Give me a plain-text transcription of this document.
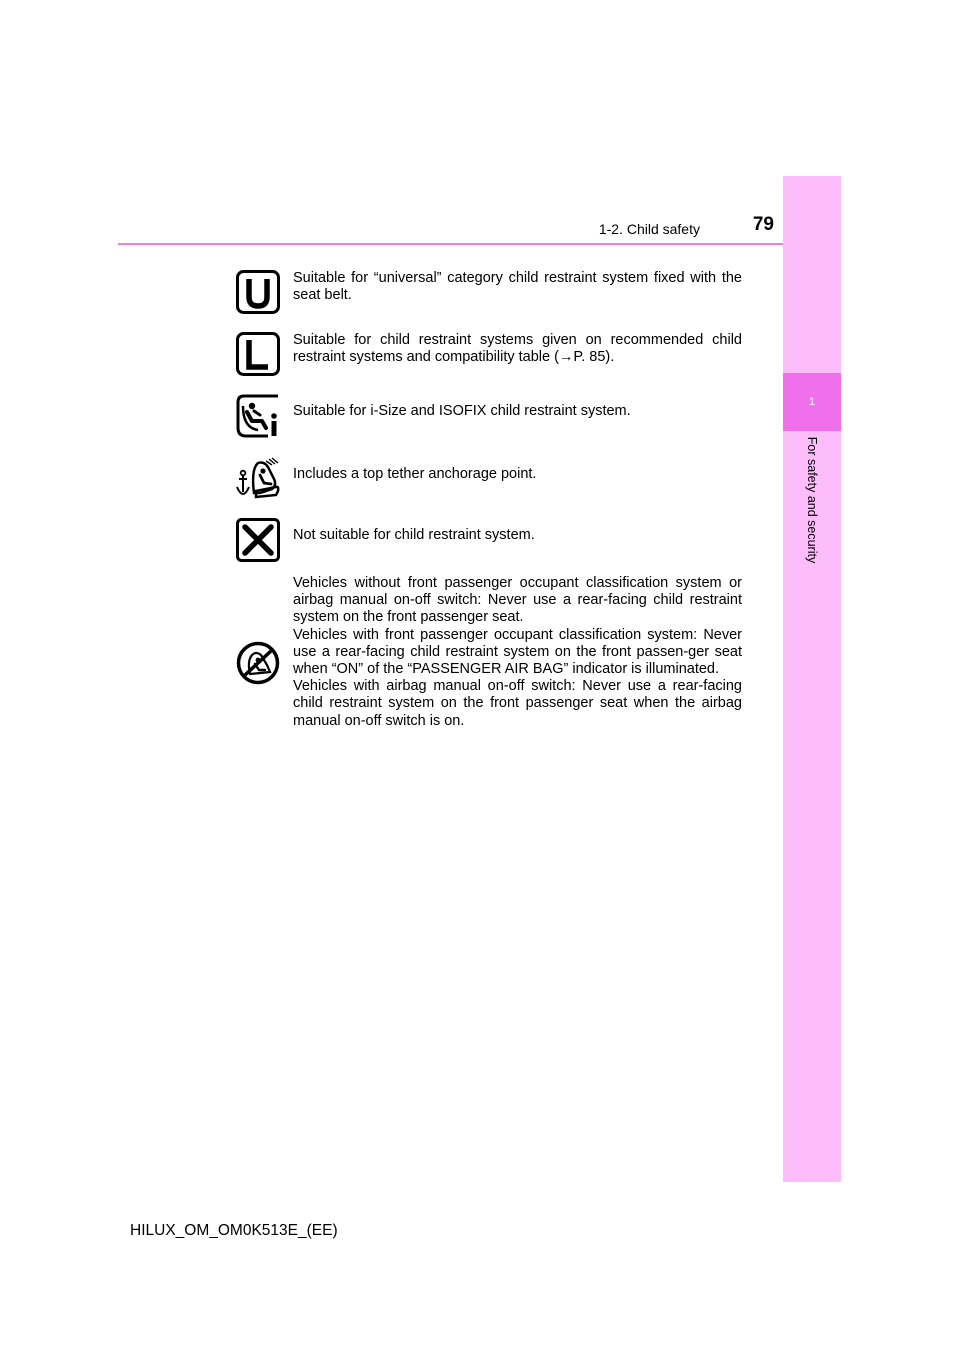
1-2. Child safety	79
1
For safety and security
Suitable for “universal” category child restraint system fixed with the seat belt.
Suitable for child restraint systems given on recommended child restraint systems and compatibility table (→P. 85).
Suitable for i-Size and ISOFIX child restraint system.
Includes a top tether anchorage point.
Not suitable for child restraint system.
Vehicles without front passenger occupant classification system or airbag manual on-off switch: Never use a rear-facing child restraint system on the front passenger seat.
Vehicles with front passenger occupant classification system: Never use a rear-facing child restraint system on the front passen-ger seat when “ON” of the “PASSENGER AIR BAG” indicator is illuminated.
Vehicles with airbag manual on-off switch: Never use a rear-facing child restraint system on the front passenger seat when the airbag manual on-off switch is on.
HILUX_OM_OM0K513E_(EE)
